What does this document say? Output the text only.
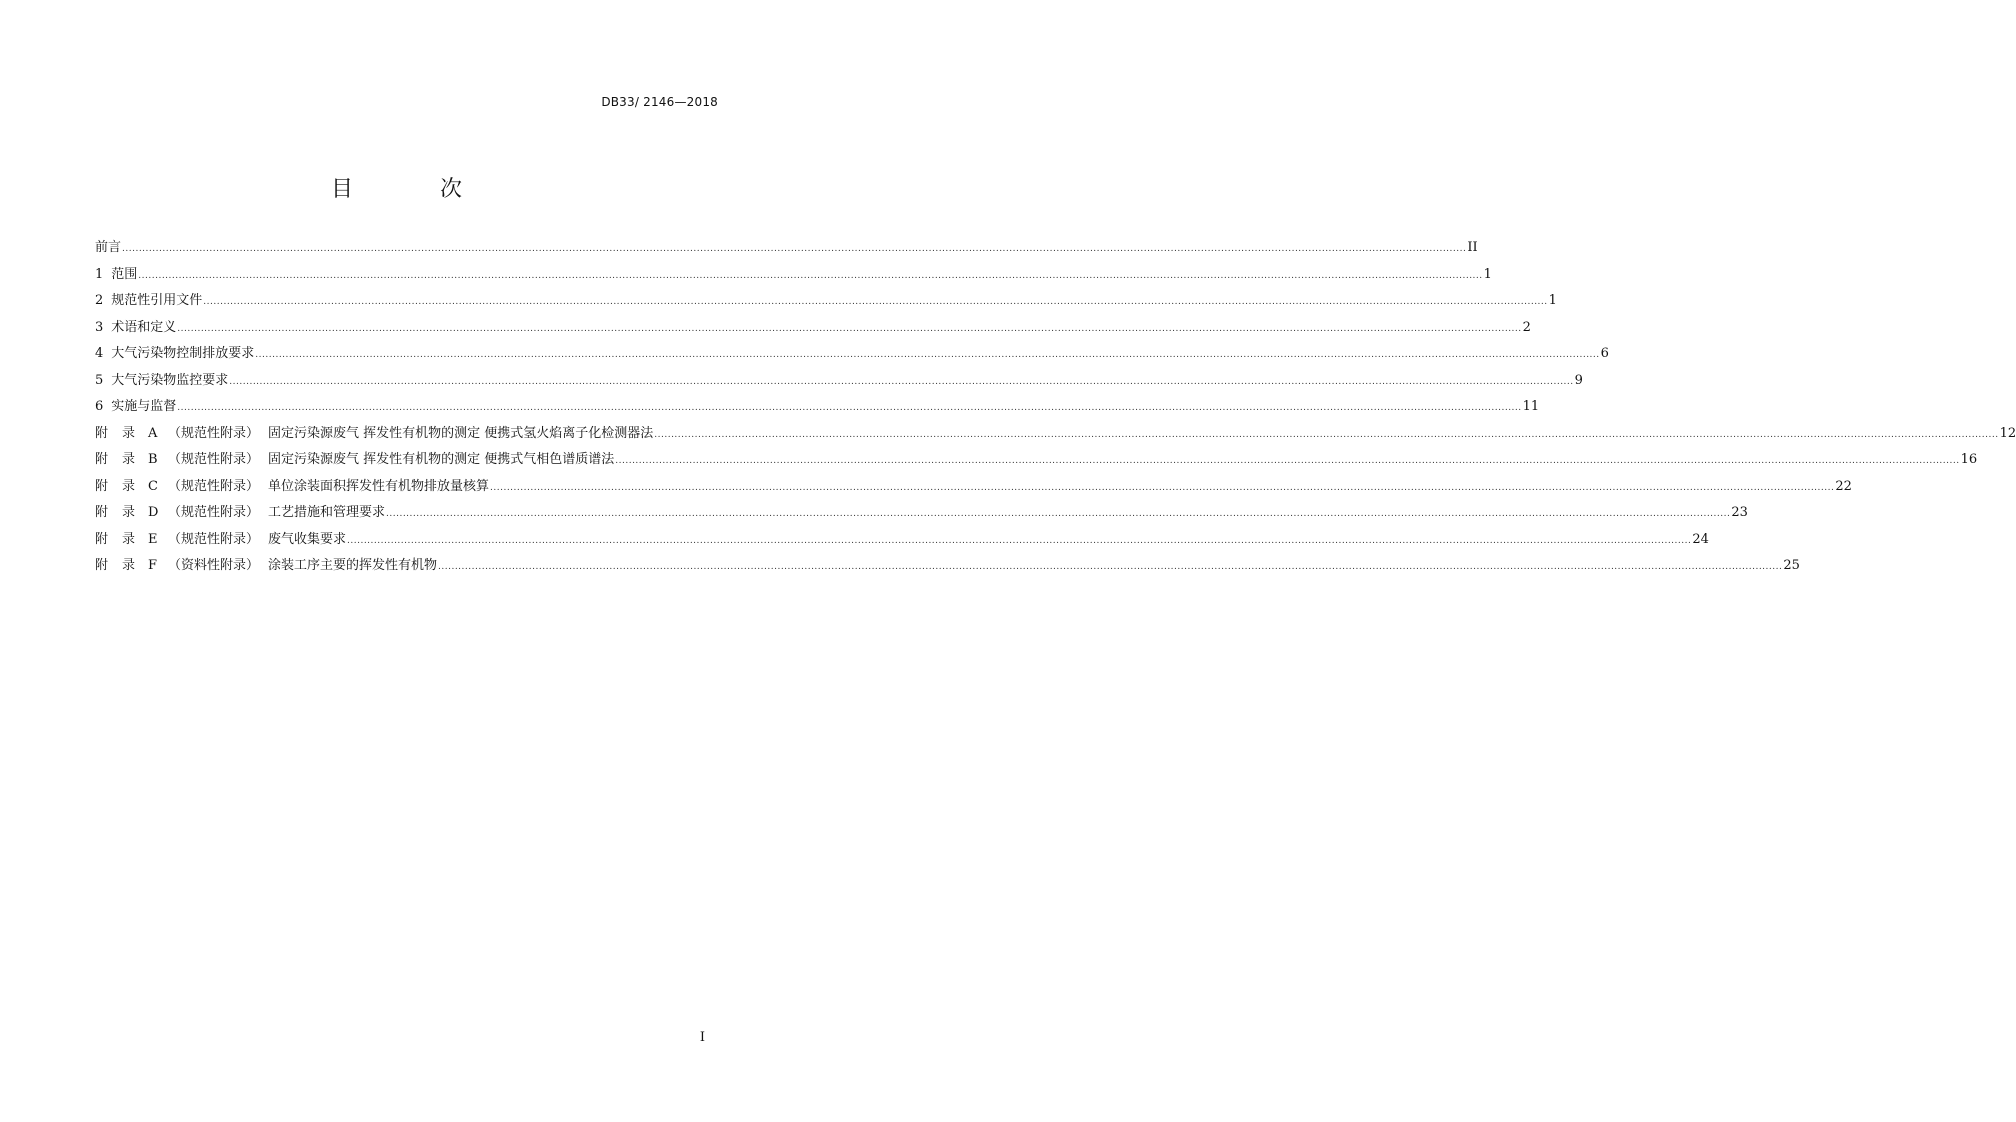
DB33/ 2146—2018
目 次
前言 ................................................................................................................................................................................................................................................................................................................................................................................................................ II
1 范围 ................................................................................................................................................................................................................................................................................................................................................................................................................ 1
2 规范性引用文件 ................................................................................................................................................................................................................................................................................................................................................................................................................ 1
3 术语和定义 ................................................................................................................................................................................................................................................................................................................................................................................................................ 2
4 大气污染物控制排放要求 ................................................................................................................................................................................................................................................................................................................................................................................................................ 6
5 大气污染物监控要求 ................................................................................................................................................................................................................................................................................................................................................................................................................ 9
6 实施与监督 ................................................................................................................................................................................................................................................................................................................................................................................................................ 11
附 录 A （规范性附录） 固定污染源废气 挥发性有机物的测定 便携式氢火焰离子化检测器法 ................................................................................................................................................................................................................................................................................................................................................................................................................ 12
附 录 B （规范性附录） 固定污染源废气 挥发性有机物的测定 便携式气相色谱质谱法 ................................................................................................................................................................................................................................................................................................................................................................................................................ 16
附 录 C （规范性附录） 单位涂装面积挥发性有机物排放量核算 ................................................................................................................................................................................................................................................................................................................................................................................................................ 22
附 录 D （规范性附录） 工艺措施和管理要求 ................................................................................................................................................................................................................................................................................................................................................................................................................ 23
附 录 E （规范性附录） 废气收集要求 ................................................................................................................................................................................................................................................................................................................................................................................................................ 24
附 录 F （资料性附录） 涂装工序主要的挥发性有机物 ................................................................................................................................................................................................................................................................................................................................................................................................................ 25
I
